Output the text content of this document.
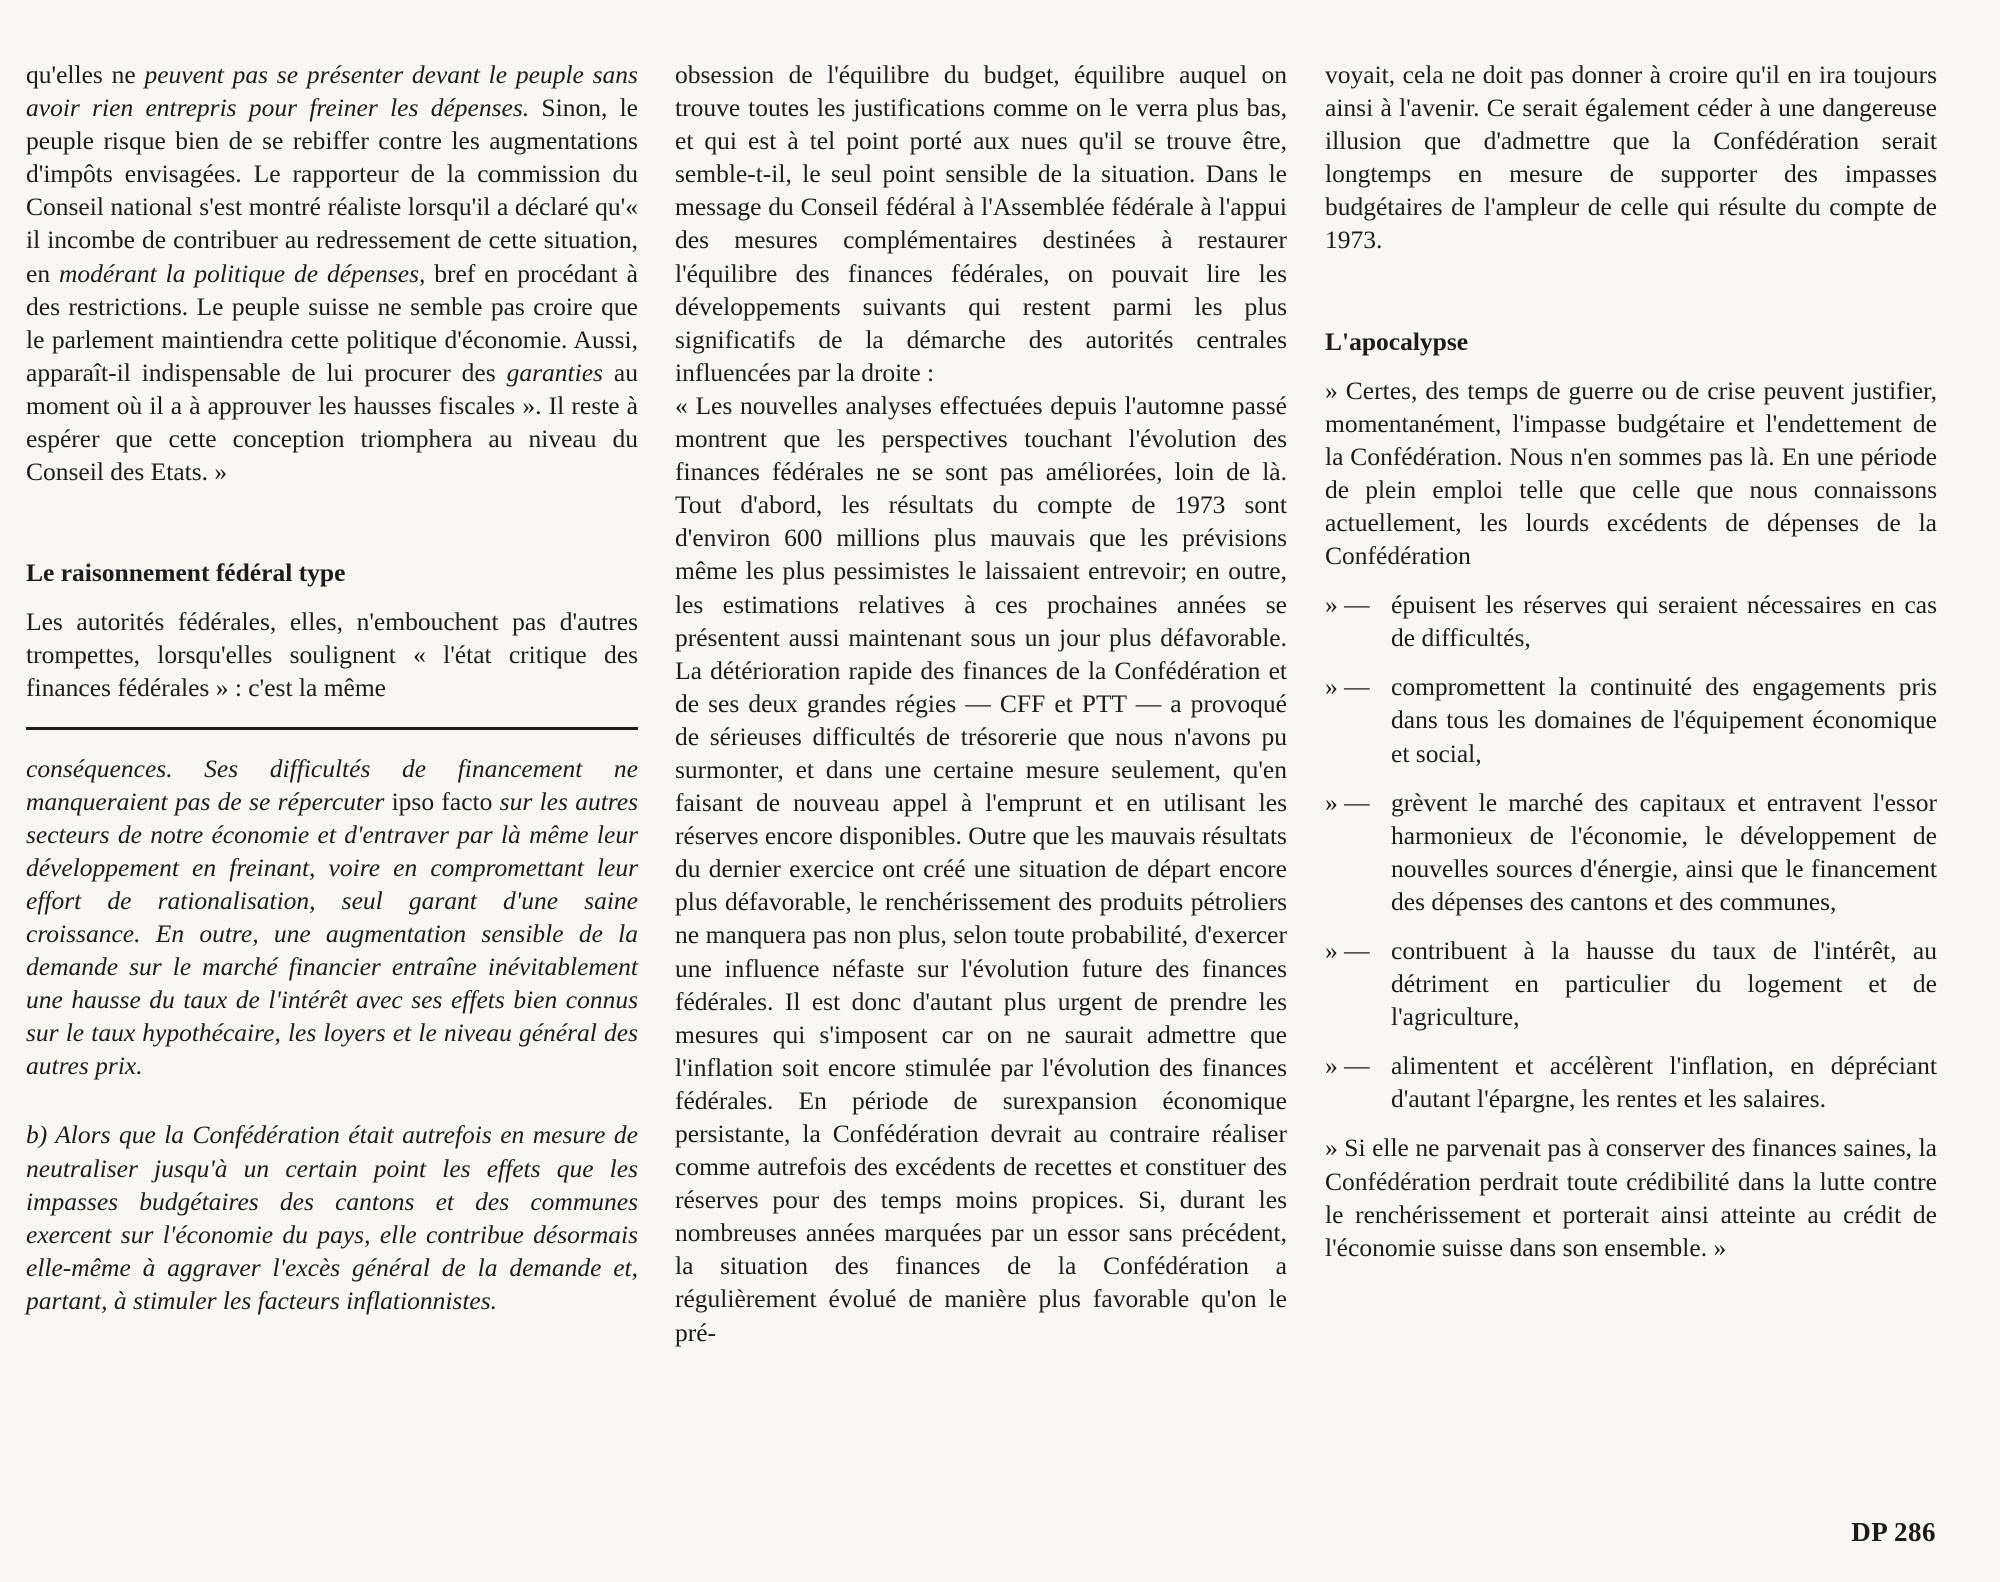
qu'elles ne peuvent pas se présenter devant le peuple sans avoir rien entrepris pour freiner les dépenses. Sinon, le peuple risque bien de se rebiffer contre les augmentations d'impôts envisagées. Le rapporteur de la commission du Conseil national s'est montré réaliste lorsqu'il a déclaré qu'« il incombe de contribuer au redressement de cette situation, en modérant la politique de dépenses, bref en procédant à des restrictions. Le peuple suisse ne semble pas croire que le parlement maintiendra cette politique d'économie. Aussi, apparaît-il indispensable de lui procurer des garanties au moment où il a à approuver les hausses fiscales ». Il reste à espérer que cette conception triomphera au niveau du Conseil des Etats. »

Le raisonnement fédéral type

Les autorités fédérales, elles, n'embouchent pas d'autres trompettes, lorsqu'elles soulignent « l'état critique des finances fédérales » : c'est la même

conséquences. Ses difficultés de financement ne manqueraient pas de se répercuter ipso facto sur les autres secteurs de notre économie et d'entraver par là même leur développement en freinant, voire en compromettant leur effort de rationalisation, seul garant d'une saine croissance. En outre, une augmentation sensible de la demande sur le marché financier entraîne inévitablement une hausse du taux de l'intérêt avec ses effets bien connus sur le taux hypothécaire, les loyers et le niveau général des autres prix.

b) Alors que la Confédération était autrefois en mesure de neutraliser jusqu'à un certain point les effets que les impasses budgétaires des cantons et des communes exercent sur l'économie du pays, elle contribue désormais elle-même à aggraver l'excès général de la demande et, partant, à stimuler les facteurs inflationnistes.

obsession de l'équilibre du budget, équilibre auquel on trouve toutes les justifications comme on le verra plus bas, et qui est à tel point porté aux nues qu'il se trouve être, semble-t-il, le seul point sensible de la situation. Dans le message du Conseil fédéral à l'Assemblée fédérale à l'appui des mesures complémentaires destinées à restaurer l'équilibre des finances fédérales, on pouvait lire les développements suivants qui restent parmi les plus significatifs de la démarche des autorités centrales influencées par la droite :

« Les nouvelles analyses effectuées depuis l'automne passé montrent que les perspectives touchant l'évolution des finances fédérales ne se sont pas améliorées, loin de là. Tout d'abord, les résultats du compte de 1973 sont d'environ 600 millions plus mauvais que les prévisions même les plus pessimistes le laissaient entrevoir; en outre, les estimations relatives à ces prochaines années se présentent aussi maintenant sous un jour plus défavorable. La détérioration rapide des finances de la Confédération et de ses deux grandes régies — CFF et PTT — a provoqué de sérieuses difficultés de trésorerie que nous n'avons pu surmonter, et dans une certaine mesure seulement, qu'en faisant de nouveau appel à l'emprunt et en utilisant les réserves encore disponibles. Outre que les mauvais résultats du dernier exercice ont créé une situation de départ encore plus défavorable, le renchérissement des produits pétroliers ne manquera pas non plus, selon toute probabilité, d'exercer une influence néfaste sur l'évolution future des finances fédérales. Il est donc d'autant plus urgent de prendre les mesures qui s'imposent car on ne saurait admettre que l'inflation soit encore stimulée par l'évolution des finances fédérales. En période de surexpansion économique persistante, la Confédération devrait au contraire réaliser comme autrefois des excédents de recettes et constituer des réserves pour des temps moins propices. Si, durant les nombreuses années marquées par un essor sans précédent, la situation des finances de la Confédération a régulièrement évolué de manière plus favorable qu'on le pré-

voyait, cela ne doit pas donner à croire qu'il en ira toujours ainsi à l'avenir. Ce serait également céder à une dangereuse illusion que d'admettre que la Confédération serait longtemps en mesure de supporter des impasses budgétaires de l'ampleur de celle qui résulte du compte de 1973.

L'apocalypse

» Certes, des temps de guerre ou de crise peuvent justifier, momentanément, l'impasse budgétaire et l'endettement de la Confédération. Nous n'en sommes pas là. En une période de plein emploi telle que celle que nous connaissons actuellement, les lourds excédents de dépenses de la Confédération

» — épuisent les réserves qui seraient nécessaires en cas de difficultés,
» — compromettent la continuité des engagements pris dans tous les domaines de l'équipement économique et social,
» — grèvent le marché des capitaux et entravent l'essor harmonieux de l'économie, le développement de nouvelles sources d'énergie, ainsi que le financement des dépenses des cantons et des communes,
» — contribuent à la hausse du taux de l'intérêt, au détriment en particulier du logement et de l'agriculture,
» — alimentent et accélèrent l'inflation, en dépréciant d'autant l'épargne, les rentes et les salaires.

» Si elle ne parvenait pas à conserver des finances saines, la Confédération perdrait toute crédibilité dans la lutte contre le renchérissement et porterait ainsi atteinte au crédit de l'économie suisse dans son ensemble. »

DP 286
